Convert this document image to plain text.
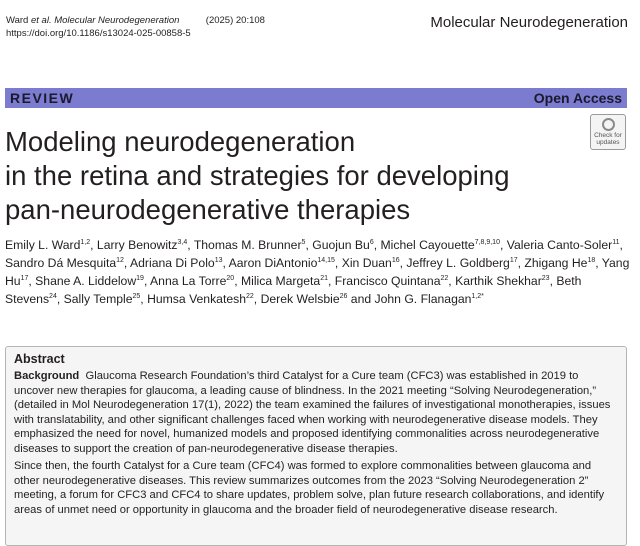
Ward et al. Molecular Neurodegeneration	(2025) 20:108
https://doi.org/10.1186/s13024-025-00858-5
Molecular Neurodegeneration
REVIEW	Open Access
Check for
updates
Modeling neurodegeneration
in the retina and strategies for developing
pan-neurodegenerative therapies
Emily L. Ward$^{1,2}$, Larry Benowitz$^{3,4}$, Thomas M. Brunner$^5$, Guojun Bu$^6$, Michel Cayouette$^{7,8,9,10}$, Valeria Canto-Soler$^{11}$, Sandro Dá Mesquita$^{12}$, Adriana Di Polo$^{13}$, Aaron DiAntonio$^{14,15}$, Xin Duan$^{16}$, Jeffrey L. Goldberg$^{17}$, Zhigang He$^{18}$, Yang Hu$^{17}$, Shane A. Liddelow$^{19}$, Anna La Torre$^{20}$, Milica Margeta$^{21}$, Francisco Quintana$^{22}$, Karthik Shekhar$^{23}$, Beth Stevens$^{24}$, Sally Temple$^{25}$, Humsa Venkatesh$^{22}$, Derek Welsbie$^{26}$ and John G. Flanagan$^{1,2*}$
Abstract

Background Glaucoma Research Foundation’s third Catalyst for a Cure team (CFC3) was established in 2019 to uncover new therapies for glaucoma, a leading cause of blindness. In the 2021 meeting “Solving Neurodegeneration,” (detailed in Mol Neurodegeneration 17(1), 2022) the team examined the failures of investigational monotherapies, issues with translatability, and other significant challenges faced when working with neurodegenerative disease models. They emphasized the need for novel, humanized models and proposed identifying commonalities across neurodegenerative diseases to support the creation of pan-neurodegenerative disease therapies.

Since then, the fourth Catalyst for a Cure team (CFC4) was formed to explore commonalities between glaucoma and other neurodegenerative diseases. This review summarizes outcomes from the 2023 “Solving Neurodegeneration 2” meeting, a forum for CFC3 and CFC4 to share updates, problem solve, plan future research collaborations, and identify areas of unmet need or opportunity in glaucoma and the broader field of neurodegenerative disease research.
